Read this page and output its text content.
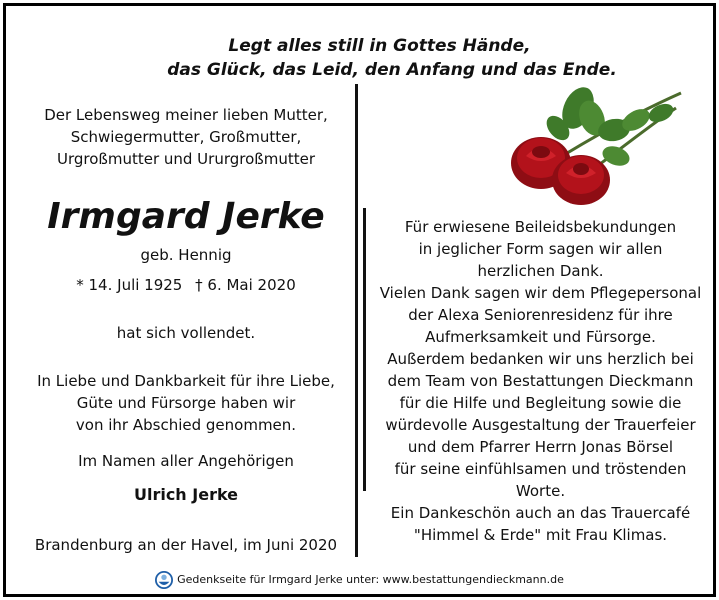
Legt alles still in Gottes Hände,
das Glück, das Leid, den Anfang und das Ende.
Der Lebensweg meiner lieben Mutter,
Schwiegermutter, Großmutter,
Urgroßmutter und Ururgroßmutter
Irmgard Jerke
geb. Hennig
* 14. Juli 1925 † 6. Mai 2020
hat sich vollendet.
In Liebe und Dankbarkeit für ihre Liebe,
Güte und Fürsorge haben wir
von ihr Abschied genommen.
Im Namen aller Angehörigen
Ulrich Jerke
Brandenburg an der Havel, im Juni 2020
Für erwiesene Beileidsbekundungen
in jeglicher Form sagen wir allen
herzlichen Dank.
Vielen Dank sagen wir dem Pflegepersonal
der Alexa Seniorenresidenz für ihre
Aufmerksamkeit und Fürsorge.
Außerdem bedanken wir uns herzlich bei
dem Team von Bestattungen Dieckmann
für die Hilfe und Begleitung sowie die
würdevolle Ausgestaltung der Trauerfeier
und dem Pfarrer Herrn Jonas Börsel
für seine einfühlsamen und tröstenden
Worte.
Ein Dankeschön auch an das Trauercafé
"Himmel & Erde" mit Frau Klimas.
Gedenkseite für Irmgard Jerke unter: www.bestattungendieckmann.de
